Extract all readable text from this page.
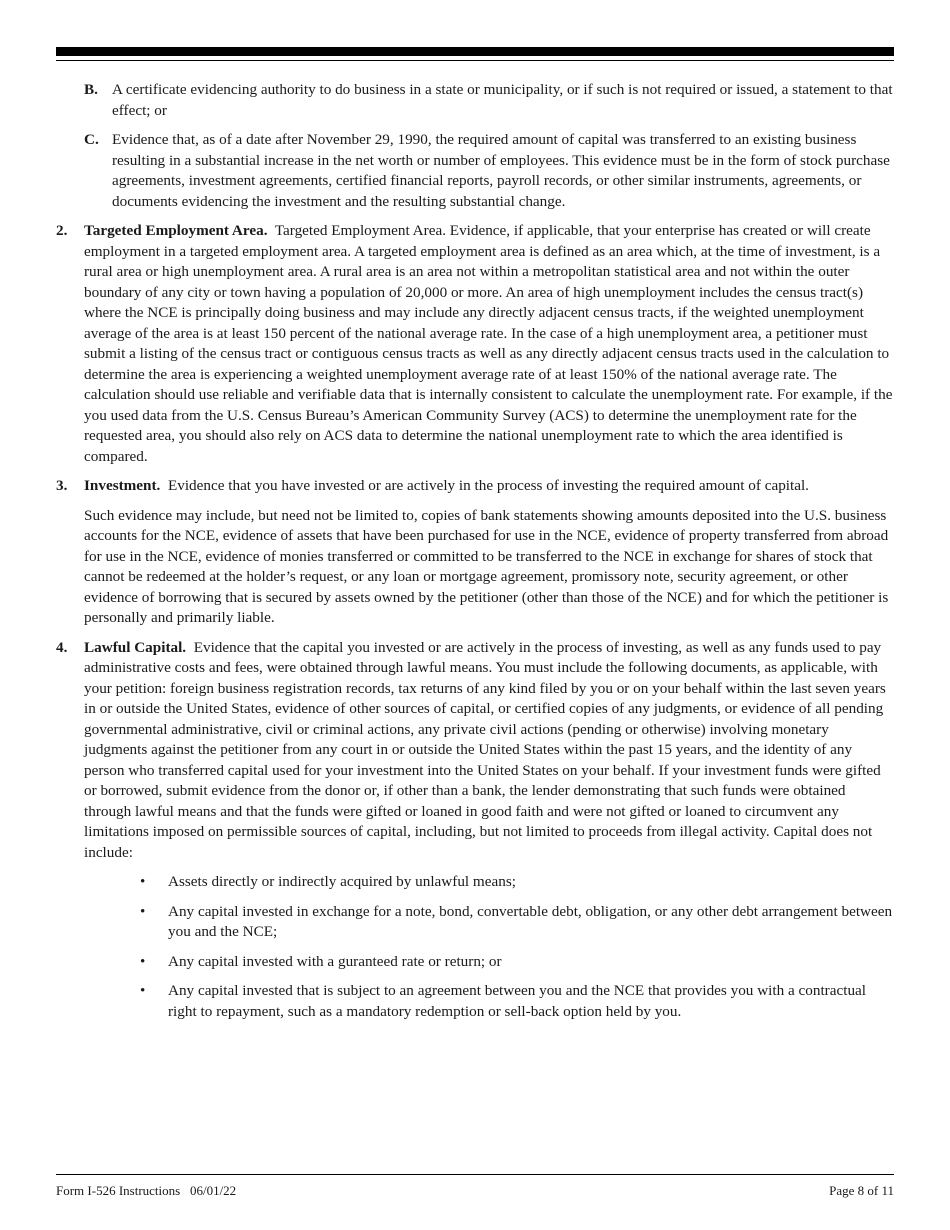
B. A certificate evidencing authority to do business in a state or municipality, or if such is not required or issued, a statement to that effect; or
C. Evidence that, as of a date after November 29, 1990, the required amount of capital was transferred to an existing business resulting in a substantial increase in the net worth or number of employees. This evidence must be in the form of stock purchase agreements, investment agreements, certified financial reports, payroll records, or other similar instruments, agreements, or documents evidencing the investment and the resulting substantial change.
2.	Targeted Employment Area. Targeted Employment Area. Evidence, if applicable, that your enterprise has created or will create employment in a targeted employment area. A targeted employment area is defined as an area which, at the time of investment, is a rural area or high unemployment area. A rural area is an area not within a metropolitan statistical area and not within the outer boundary of any city or town having a population of 20,000 or more. An area of high unemployment includes the census tract(s) where the NCE is principally doing business and may include any directly adjacent census tracts, if the weighted unemployment average of the area is at least 150 percent of the national average rate. In the case of a high unemployment area, a petitioner must submit a listing of the census tract or contiguous census tracts as well as any directly adjacent census tracts used in the calculation to determine the area is experiencing a weighted unemployment average rate of at least 150% of the national average rate. The calculation should use reliable and verifiable data that is internally consistent to calculate the unemployment rate. For example, if the you used data from the U.S. Census Bureau’s American Community Survey (ACS) to determine the unemployment rate for the requested area, you should also rely on ACS data to determine the national unemployment rate to which the area identified is compared.

3.	Investment. Evidence that you have invested or are actively in the process of investing the required amount of capital.

Such evidence may include, but need not be limited to, copies of bank statements showing amounts deposited into the U.S. business accounts for the NCE, evidence of assets that have been purchased for use in the NCE, evidence of property transferred from abroad for use in the NCE, evidence of monies transferred or committed to be transferred to the NCE in exchange for shares of stock that cannot be redeemed at the holder’s request, or any loan or mortgage agreement, promissory note, security agreement, or other evidence of borrowing that is secured by assets owned by the petitioner (other than those of the NCE) and for which the petitioner is personally and primarily liable.

4.	Lawful Capital. Evidence that the capital you invested or are actively in the process of investing, as well as any funds used to pay administrative costs and fees, were obtained through lawful means. You must include the following documents, as applicable, with your petition: foreign business registration records, tax returns of any kind filed by you or on your behalf within the last seven years in or outside the United States, evidence of other sources of capital, or certified copies of any judgments, or evidence of all pending governmental administrative, civil or criminal actions, any private civil actions (pending or otherwise) involving monetary judgments against the petitioner from any court in or outside the United States within the past 15 years, and the identity of any person who transferred capital used for your investment into the United States on your behalf. If your investment funds were gifted or borrowed, submit evidence from the donor or, if other than a bank, the lender demonstrating that such funds were obtained through lawful means and that the funds were gifted or loaned in good faith and were not gifted or loaned to circumvent any limitations imposed on permissible sources of capital, including, but not limited to proceeds from illegal activity. Capital does not include:

•	Assets directly or indirectly acquired by unlawful means;
•	Any capital invested in exchange for a note, bond, convertable debt, obligation, or any other debt arrangement between you and the NCE;
•	Any capital invested with a guranteed rate or return; or
•	Any capital invested that is subject to an agreement between you and the NCE that provides you with a contractual right to repayment, such as a mandatory redemption or sell-back option held by you.
Form I-526 Instructions   06/01/22	Page 8 of 11
